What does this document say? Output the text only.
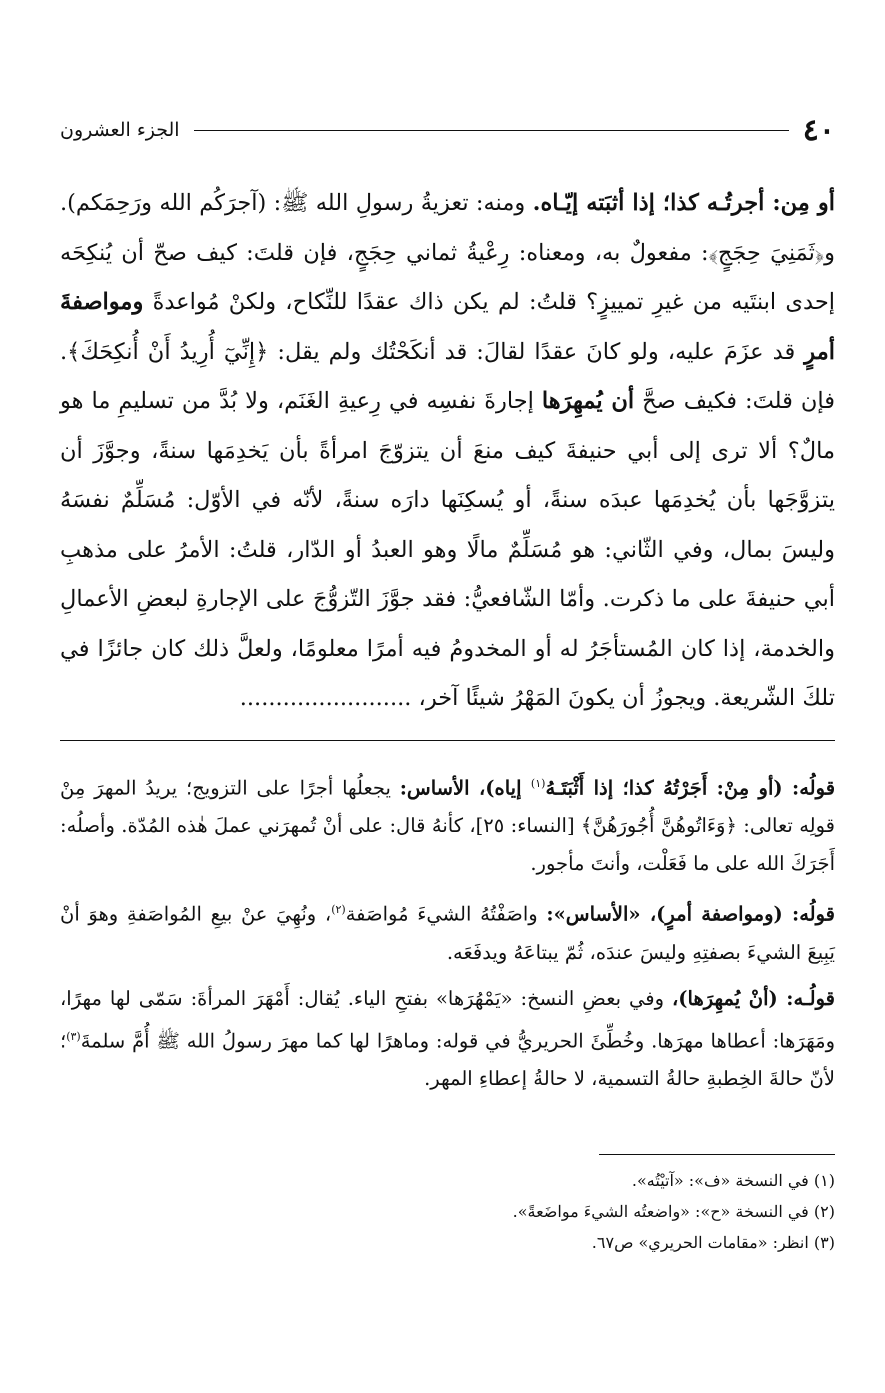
٤٠
الجزء العشرون

أو مِن: أجرتُـه كذا؛ إذا أثبَته إيّـاه. ومنه: تعزيةُ رسولِ الله ﷺ: (آجرَكُم الله ورَحِمَكم). و﴿ثَمَنِيَ حِجَجٍ﴾: مفعولٌ به، ومعناه: رِعْيةُ ثماني حِجَجٍ، فإن قلتَ: كيف صحّ أن يُنكِحَه إحدى ابنتَيه من غيرِ تمييزٍ؟ قلتُ: لم يكن ذاك عقدًا للنِّكاح، ولكنْ مُواعدةً ومواصفةَ أمرٍ قد عزَمَ عليه، ولو كانَ عقدًا لقالَ: قد أنكَحْتُك ولم يقل: ﴿إِنِّيٓ أُرِيدُ أَنْ أُنكِحَكَ﴾. فإن قلتَ: فكيف صحَّ أن يُمهِرَها إجارةَ نفسِه في رِعيةِ الغَنَم، ولا بُدَّ من تسليمِ ما هو مالٌ؟ ألا ترى إلى أبي حنيفةَ كيف منعَ أن يتزوّجَ امرأةً بأن يَخدِمَها سنةً، وجوَّزَ أن يتزوَّجَها بأن يُخدِمَها عبدَه سنةً، أو يُسكِنَها دارَه سنةً، لأنّه في الأوّل: مُسَلِّمٌ نفسَهُ وليسَ بمال، وفي الثّاني: هو مُسَلِّمٌ مالًا وهو العبدُ أو الدّار، قلتُ: الأمرُ على مذهبِ أبي حنيفةَ على ما ذكرت. وأمّا الشّافعيُّ: فقد جوَّزَ التّزوُّجَ على الإجارةِ لبعضِ الأعمالِ والخدمة، إذا كان المُستأجَرُ له أو المخدومُ فيه أمرًا معلومًا، ولعلَّ ذلك كان جائزًا في تلكَ الشّريعة. ويجوزُ أن يكونَ المَهْرُ شيئًا آخر، ........................

قولُه: (أو مِنْ: أَجَرْتُهُ كذا؛ إذا أَثْبَتَـهُ$^{(١)}$ إياه)، الأساس: يجعلُها أجرًا على التزويج؛ يريدُ المهرَ مِنْ قولِه تعالى: ﴿وَءَاتُوهُنَّ أُجُورَهُنَّ﴾ [النساء: ٢٥]، كأنهُ قال: على أنْ تُمهرَني عملَ هٰذه المُدّة. وأصلُه: أَجَرَكَ الله على ما فَعَلْت، وأنتَ مأجور.

قولُه: (ومواصفة أمرٍ)، «الأساس»: واصَفْتُهُ الشيءَ مُواصَفة$^{(٢)}$، ونُهِيَ عنْ بيعِ المُواصَفةِ وهوَ أنْ يَبِيعَ الشيءَ بصفتِهِ وليسَ عندَه، ثُمّ يبتاعَهُ ويدفَعَه.

قولُـه: (أنْ يُمهِرَها)، وفي بعضِ النسخ: «يَمْهُرَها» بفتحِ الياء. يُقال: أَمْهَرَ المرأةَ: سَمّى لها مهرًا، ومَهَرَها: أعطاها مهرَها. وخُطِّئَ الحريريُّ في قوله: وماهرًا لها كما مهرَ رسولُ الله ﷺ أُمَّ سلمةَ$^{(٣)}$؛ لأنّ حالةَ الخِطبةِ حالةُ التسمية، لا حالةُ إعطاءِ المهر.

(١) في النسخة «ف»: «آتيْتُه».

(٢) في النسخة «ح»: «واضعتُه الشيءَ مواضَعةً».

(٣) انظر: «مقامات الحريري» ص٦٧.
